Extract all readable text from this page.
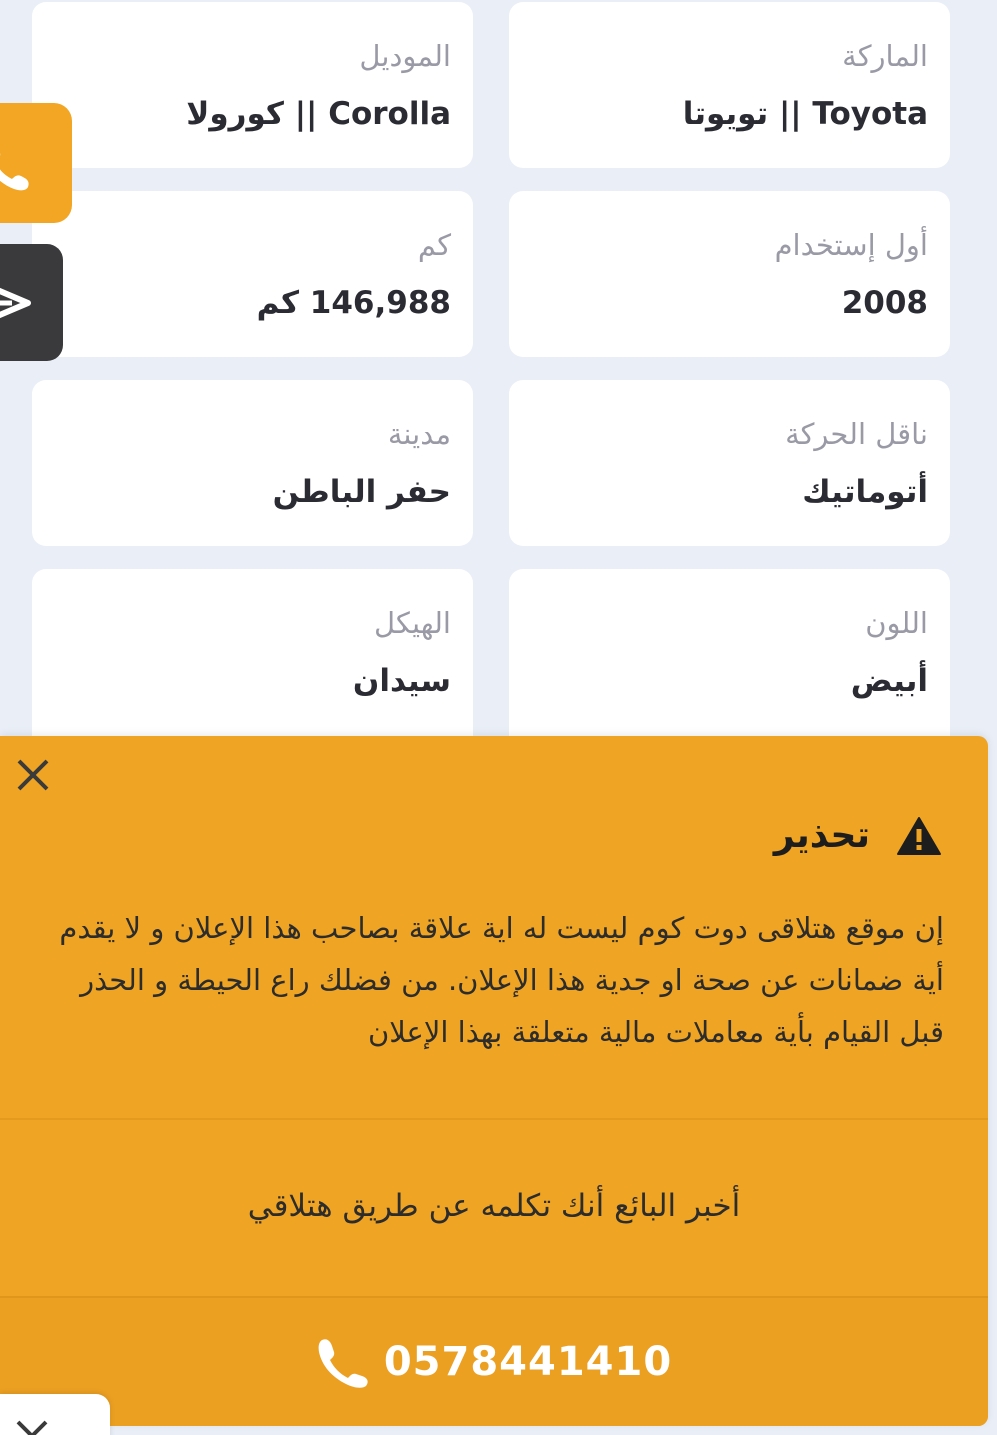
الماركة
Toyota || تويوتا
الموديل
Corolla || كورولا
أول إستخدام
2008
كم
146,988 كم
ناقل الحركة
أتوماتيك
مدينة
حفر الباطن
اللون
أبيض
الهيكل
سيدان
تحذير
إن موقع هتلاقى دوت كوم ليست له اية علاقة بصاحب هذا الإعلان و لا يقدم أية ضمانات عن صحة او جدية هذا الإعلان. من فضلك راع الحيطة و الحذر قبل القيام بأية معاملات مالية متعلقة بهذا الإعلان
أخبر البائع أنك تكلمه عن طريق هتلاقي
0578441410
